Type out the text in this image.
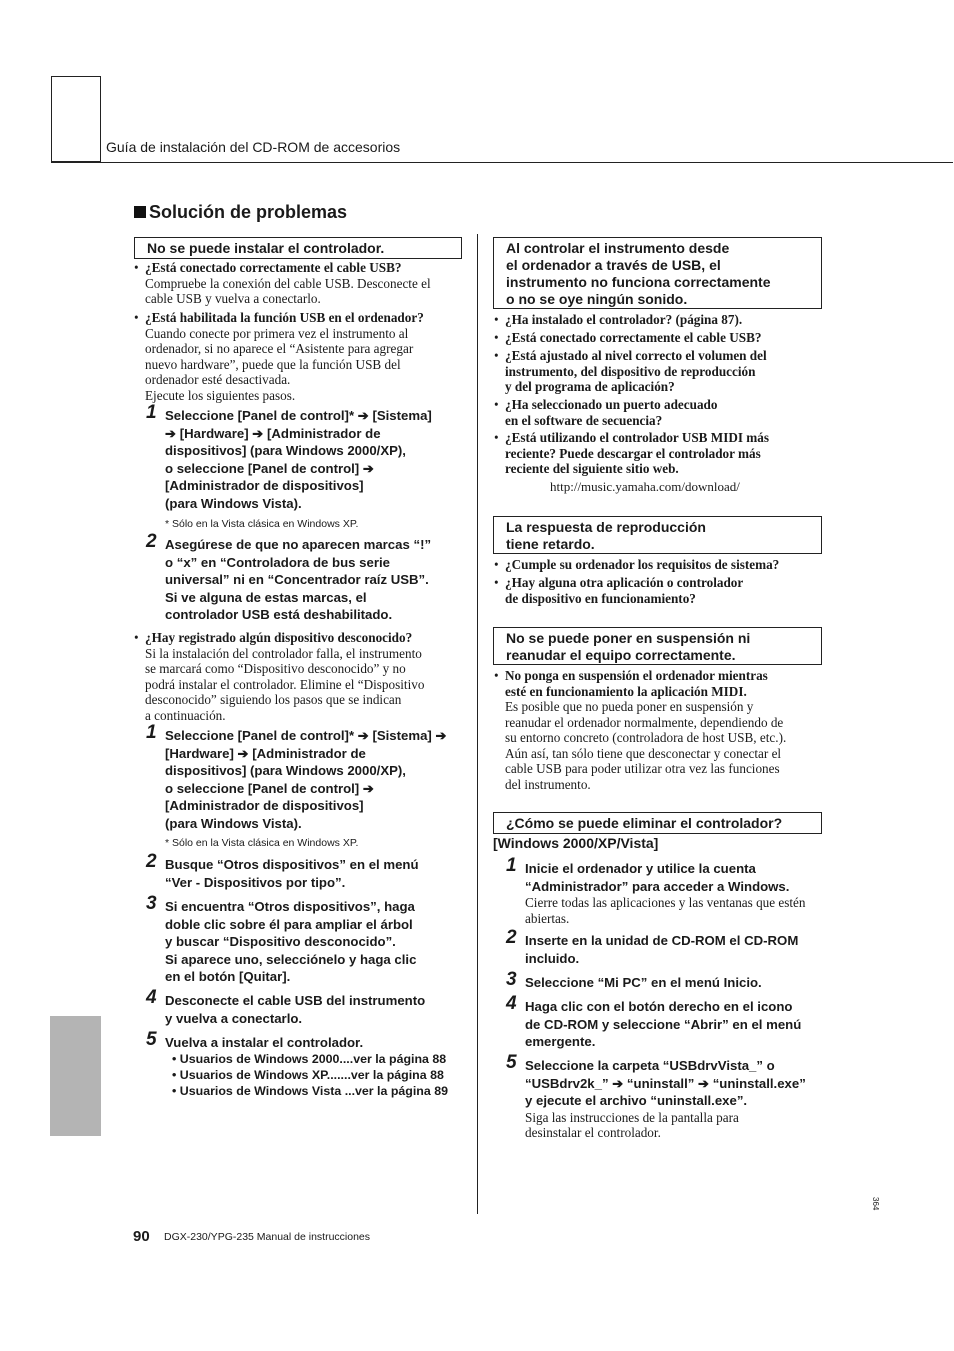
Guía de instalación del CD-ROM de accesorios
Solución de problemas
No se puede instalar el controlador.
• ¿Está conectado correctamente el cable USB?
Compruebe la conexión del cable USB. Desconecte el
cable USB y vuelva a conectarlo.
• ¿Está habilitada la función USB en el ordenador?
Cuando conecte por primera vez el instrumento al
ordenador, si no aparece el “Asistente para agregar
nuevo hardware”, puede que la función USB del
ordenador esté desactivada.
Ejecute los siguientes pasos.
1 Seleccione [Panel de control]* ➔ [Sistema]
➔ [Hardware] ➔ [Administrador de
dispositivos] (para Windows 2000/XP),
o seleccione [Panel de control] ➔
[Administrador de dispositivos]
(para Windows Vista).
* Sólo en la Vista clásica en Windows XP.
2 Asegúrese de que no aparecen marcas “!”
o “x” en “Controladora de bus serie
universal” ni en “Concentrador raíz USB”.
Si ve alguna de estas marcas, el
controlador USB está deshabilitado.
• ¿Hay registrado algún dispositivo desconocido?
Si la instalación del controlador falla, el instrumento
se marcará como “Dispositivo desconocido” y no
podrá instalar el controlador. Elimine el “Dispositivo
desconocido” siguiendo los pasos que se indican
a continuación.
1 Seleccione [Panel de control]* ➔ [Sistema] ➔
[Hardware] ➔ [Administrador de
dispositivos] (para Windows 2000/XP),
o seleccione [Panel de control] ➔
[Administrador de dispositivos]
(para Windows Vista).
* Sólo en la Vista clásica en Windows XP.
2 Busque “Otros dispositivos” en el menú
“Ver - Dispositivos por tipo”.
3 Si encuentra “Otros dispositivos”, haga
doble clic sobre él para ampliar el árbol
y buscar “Dispositivo desconocido”.
Si aparece uno, selecciónelo y haga clic
en el botón [Quitar].
4 Desconecte el cable USB del instrumento
y vuelva a conectarlo.
5 Vuelva a instalar el controlador.
• Usuarios de Windows 2000....ver la página 88
• Usuarios de Windows XP.......ver la página 88
• Usuarios de Windows Vista ...ver la página 89
Al controlar el instrumento desde
el ordenador a través de USB, el
instrumento no funciona correctamente
o no se oye ningún sonido.
• ¿Ha instalado el controlador? (página 87).
• ¿Está conectado correctamente el cable USB?
• ¿Está ajustado al nivel correcto el volumen del
instrumento, del dispositivo de reproducción
y del programa de aplicación?
• ¿Ha seleccionado un puerto adecuado
en el software de secuencia?
• ¿Está utilizando el controlador USB MIDI más
reciente? Puede descargar el controlador más
reciente del siguiente sitio web.
http://music.yamaha.com/download/
La respuesta de reproducción
tiene retardo.
• ¿Cumple su ordenador los requisitos de sistema?
• ¿Hay alguna otra aplicación o controlador
de dispositivo en funcionamiento?
No se puede poner en suspensión ni
reanudar el equipo correctamente.
• No ponga en suspensión el ordenador mientras
esté en funcionamiento la aplicación MIDI.
Es posible que no pueda poner en suspensión y
reanudar el ordenador normalmente, dependiendo de
su entorno concreto (controladora de host USB, etc.).
Aún así, tan sólo tiene que desconectar y conectar el
cable USB para poder utilizar otra vez las funciones
del instrumento.
¿Cómo se puede eliminar el controlador?
[Windows 2000/XP/Vista]
1 Inicie el ordenador y utilice la cuenta
“Administrador” para acceder a Windows.
Cierre todas las aplicaciones y las ventanas que estén
abiertas.
2 Inserte en la unidad de CD-ROM el CD-ROM
incluido.
3 Seleccione “Mi PC” en el menú Inicio.
4 Haga clic con el botón derecho en el icono
de CD-ROM y seleccione “Abrir” en el menú
emergente.
5 Seleccione la carpeta “USBdrvVista_” o
“USBdrv2k_” ➔ “uninstall” ➔ “uninstall.exe”
y ejecute el archivo “uninstall.exe”.
Siga las instrucciones de la pantalla para
desinstalar el controlador.
90 DGX-230/YPG-235 Manual de instrucciones
364
